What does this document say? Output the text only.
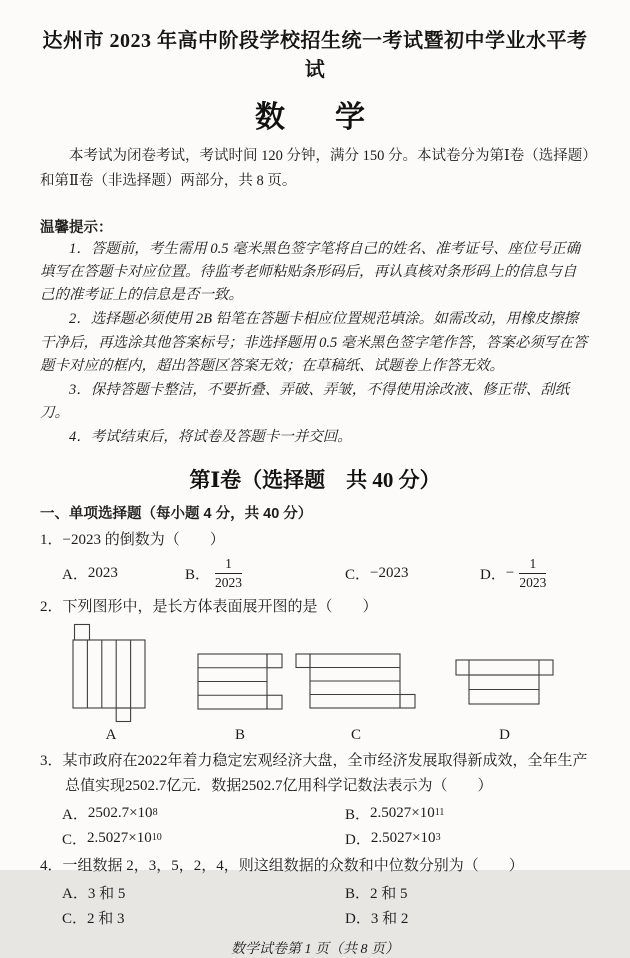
达州市 2023 年高中阶段学校招生统一考试暨初中学业水平考试
数　学

本考试为闭卷考试，考试时间 120 分钟，满分 150 分。本试卷分为第Ⅰ卷（选择题）和第Ⅱ卷（非选择题）两部分，共 8 页。

温馨提示：

1．答题前，考生需用 0.5 毫米黑色签字笔将自己的姓名、准考证号、座位号正确填写在答题卡对应位置。待监考老师粘贴条形码后，再认真核对条形码上的信息与自己的准考证上的信息是否一致。

2．选择题必须使用 2B 铅笔在答题卡相应位置规范填涂。如需改动，用橡皮擦擦干净后，再选涂其他答案标号；非选择题用 0.5 毫米黑色签字笔作答，答案必须写在答题卡对应的框内，超出答题区答案无效；在草稿纸、试题卷上作答无效。

3．保持答题卡整洁，不要折叠、弄破、弄皱，不得使用涂改液、修正带、刮纸刀。

4．考试结束后，将试卷及答题卡一并交回。

第Ⅰ卷（选择题　共 40 分）

一、单项选择题（每小题 4 分，共 40 分）

1．−2023 的倒数为（　　）

A． 2023	B． $\frac{1}{2023}$	C． −2023	D． − $\frac{1}{2023}$

2．下列图形中，是长方体表面展开图的是（　　）

A	B	C	D

3．某市政府在2022年着力稳定宏观经济大盘，全市经济发展取得新成效，全年生产总值实现2502.7亿元．数据2502.7亿用科学记数法表示为（　　）

A． 2502.7×10 8	B． 2.5027×10 11
C． 2.5027×10 10	D． 2.5027×10 3

4．一组数据 2，3，5，2，4，则这组数据的众数和中位数分别为（　　）

A． 3 和 5	B． 2 和 5
C． 2 和 3	D． 3 和 2

数学试卷第 1 页（共 8 页）
